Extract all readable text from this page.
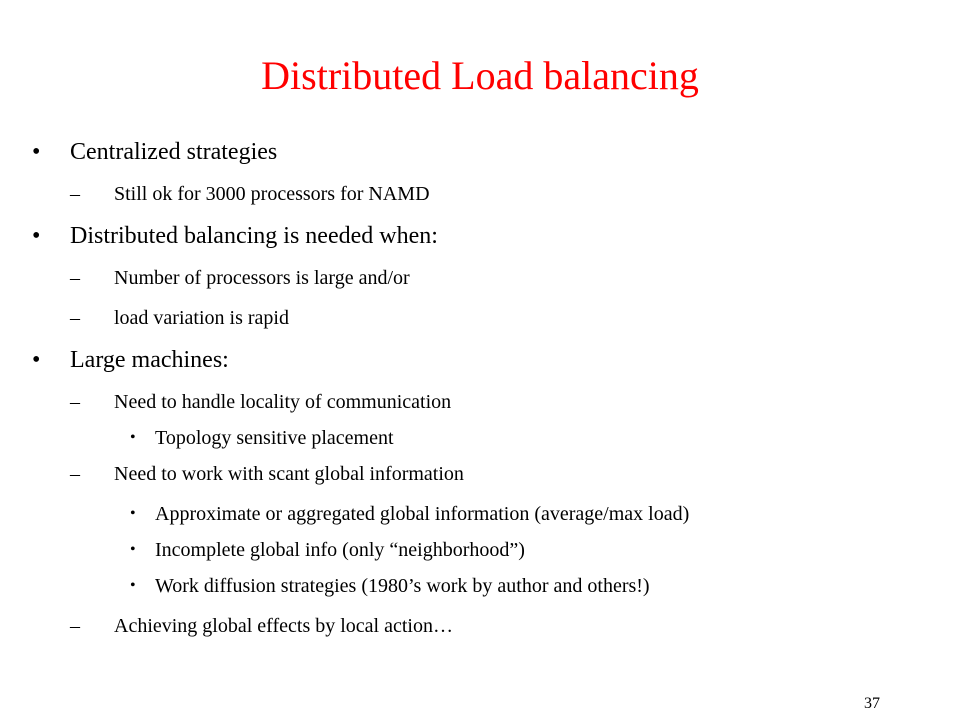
Distributed Load balancing
• Centralized strategies
– Still ok for 3000 processors for NAMD
• Distributed balancing is needed when:
– Number of processors is large and/or
– load variation is rapid
• Large machines:
– Need to handle locality of communication
• Topology sensitive placement
– Need to work with scant global information
• Approximate or aggregated global information (average/max load)
• Incomplete global info (only “neighborhood”)
• Work diffusion strategies (1980’s work by author and others!)
– Achieving global effects by local action…
37
